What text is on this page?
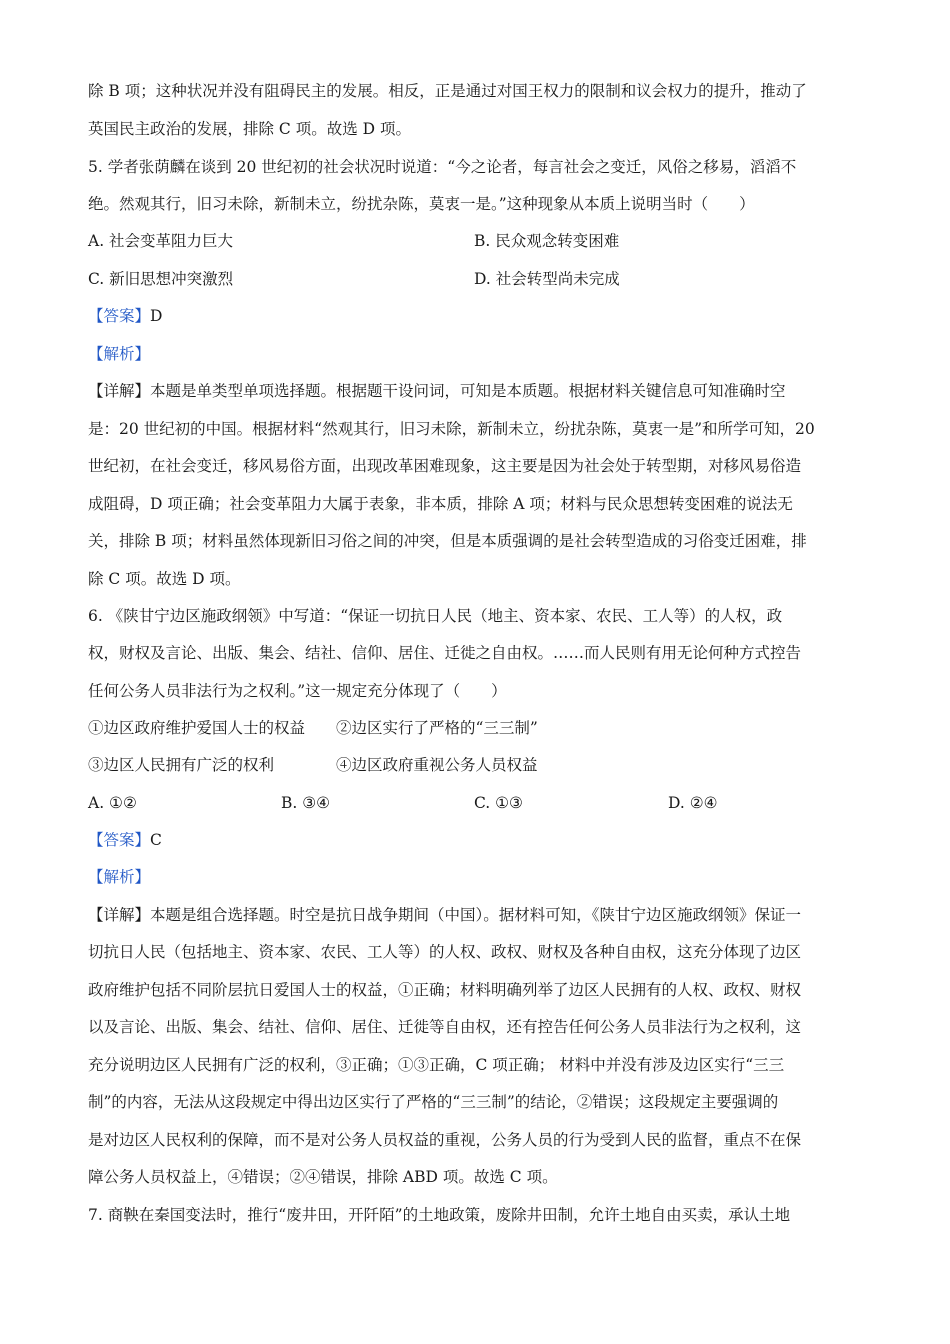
除 B 项；这种状况并没有阻碍民主的发展。相反，正是通过对国王权力的限制和议会权力的提升，推动了
英国民主政治的发展，排除 C 项。故选 D 项。
5. 学者张荫麟在谈到 20 世纪初的社会状况时说道：“今之论者，每言社会之变迁，风俗之移易，滔滔不
绝。然观其行，旧习未除，新制未立，纷扰杂陈，莫衷一是。”这种现象从本质上说明当时（　　）
A. 社会变革阻力巨大	B. 民众观念转变困难
C. 新旧思想冲突激烈	D. 社会转型尚未完成
【答案】D
【解析】
【详解】本题是单类型单项选择题。根据题干设问词，可知是本质题。根据材料关键信息可知准确时空
是：20 世纪初的中国。根据材料“然观其行，旧习未除，新制未立，纷扰杂陈，莫衷一是”和所学可知，20
世纪初，在社会变迁，移风易俗方面，出现改革困难现象，这主要是因为社会处于转型期，对移风易俗造
成阻碍，D 项正确；社会变革阻力大属于表象，非本质，排除 A 项；材料与民众思想转变困难的说法无
关，排除 B 项；材料虽然体现新旧习俗之间的冲突，但是本质强调的是社会转型造成的习俗变迁困难，排
除 C 项。故选 D 项。
6. 《陕甘宁边区施政纲领》中写道：“保证一切抗日人民（地主、资本家、农民、工人等）的人权，政
权，财权及言论、出版、集会、结社、信仰、居住、迁徙之自由权。……而人民则有用无论何种方式控告
任何公务人员非法行为之权利。”这一规定充分体现了（　　）
①边区政府维护爱国人士的权益 ②边区实行了严格的“三三制”
③边区人民拥有广泛的权利	④边区政府重视公务人员权益
A. ①②	B. ③④	C. ①③	D. ②④
【答案】C
【解析】
【详解】本题是组合选择题。时空是抗日战争期间（中国）。据材料可知，《陕甘宁边区施政纲领》保证一
切抗日人民（包括地主、资本家、农民、工人等）的人权、政权、财权及各种自由权，这充分体现了边区
政府维护包括不同阶层抗日爱国人士的权益，①正确；材料明确列举了边区人民拥有的人权、政权、财权
以及言论、出版、集会、结社、信仰、居住、迁徙等自由权，还有控告任何公务人员非法行为之权利，这
充分说明边区人民拥有广泛的权利，③正确；①③正确，C 项正确； 材料中并没有涉及边区实行“三三
制”的内容，无法从这段规定中得出边区实行了严格的“三三制”的结论，②错误；这段规定主要强调的
是对边区人民权利的保障，而不是对公务人员权益的重视，公务人员的行为受到人民的监督，重点不在保
障公务人员权益上，④错误；②④错误，排除 ABD 项。故选 C 项。
7. 商鞅在秦国变法时，推行“废井田，开阡陌”的土地政策，废除井田制，允许土地自由买卖，承认土地
